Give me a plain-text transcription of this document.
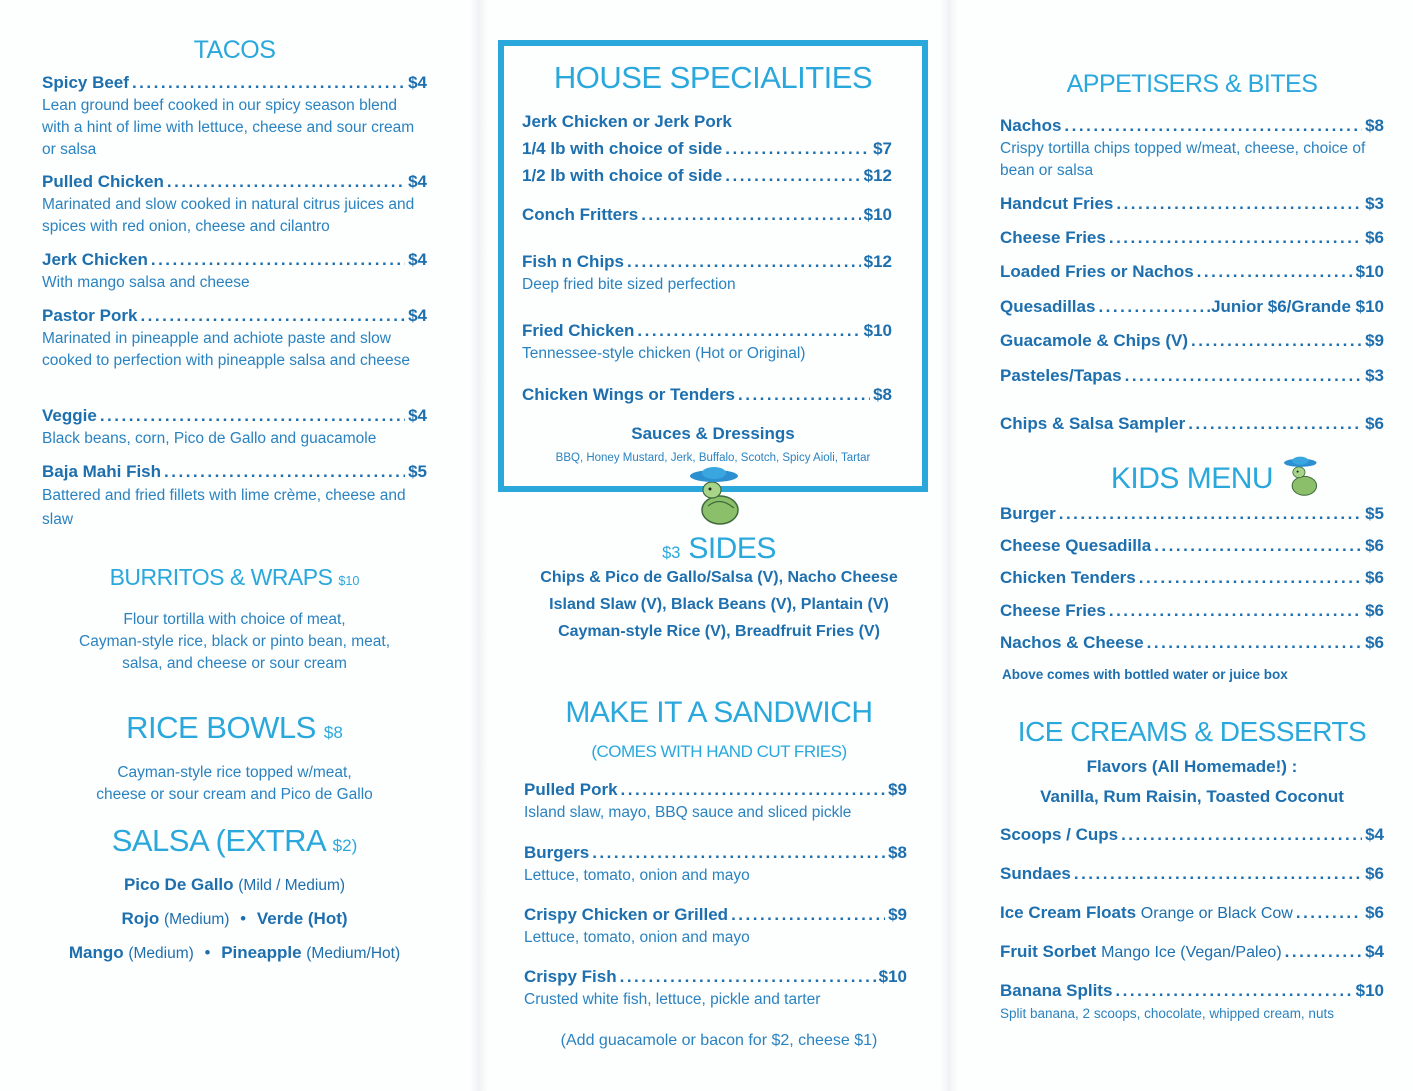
TACOS
Spicy Beef .....	$4
Lean ground beef cooked in our spicy season blend with a hint of lime with lettuce, cheese and sour cream or salsa
Pulled Chicken .....	$4
Marinated and slow cooked in natural citrus juices and spices with red onion, cheese and cilantro
Jerk Chicken .....	$4
With mango salsa and cheese
Pastor Pork .....	$4
Marinated in pineapple and achiote paste and slow cooked to perfection with pineapple salsa and cheese
Veggie .....	$4
Black beans, corn, Pico de Gallo and guacamole
Baja Mahi Fish .....	$5
Battered and fried fillets with lime crème, cheese and slaw
BURRITOS & WRAPS $10
Flour tortilla with choice of meat,
Cayman-style rice, black or pinto bean, meat,
salsa, and cheese or sour cream
RICE BOWLS $8
Cayman-style rice topped w/meat,
cheese or sour cream and Pico de Gallo
SALSA (EXTRA $2)
Pico De Gallo (Mild / Medium)
Rojo (Medium) • Verde (Hot)
Mango (Medium) • Pineapple (Medium/Hot)
HOUSE SPECIALITIES
Jerk Chicken or Jerk Pork
1/4 lb with choice of side .....	$7
1/2 lb with choice of side .....	$12
Conch Fritters .....	$10
Fish n Chips .....	$12
Deep fried bite sized perfection
Fried Chicken .....	$10
Tennessee-style chicken (Hot or Original)
Chicken Wings or Tenders .....	$8
Sauces & Dressings
BBQ, Honey Mustard, Jerk, Buffalo, Scotch, Spicy Aioli, Tartar
$3 SIDES
Chips & Pico de Gallo/Salsa (V), Nacho Cheese
Island Slaw (V), Black Beans (V), Plantain (V)
Cayman-style Rice (V), Breadfruit Fries (V)
MAKE IT A SANDWICH
(COMES WITH HAND CUT FRIES)
Pulled Pork .....	$9
Island slaw, mayo, BBQ sauce and sliced pickle
Burgers .....	$8
Lettuce, tomato, onion and mayo
Crispy Chicken or Grilled .....	$9
Lettuce, tomato, onion and mayo
Crispy Fish .....	$10
Crusted white fish, lettuce, pickle and tarter
(Add guacamole or bacon for $2, cheese $1)
APPETISERS & BITES
Nachos .....	$8
Crispy tortilla chips topped w/meat, cheese, choice of bean or salsa
Handcut Fries .....	$3
Cheese Fries .....	$6
Loaded Fries or Nachos .....	$10
Quesadillas .....	.Junior $6/Grande $10
Guacamole & Chips (V) .....	$9
Pasteles/Tapas .....	$3
Chips & Salsa Sampler .....	$6
KIDS MENU
Burger .....	$5
Cheese Quesadilla .....	$6
Chicken Tenders .....	$6
Cheese Fries .....	$6
Nachos & Cheese .....	$6
Above comes with bottled water or juice box
ICE CREAMS & DESSERTS
Flavors (All Homemade!) :
Vanilla, Rum Raisin, Toasted Coconut
Scoops / Cups .....	$4
Sundaes .....	$6
Ice Cream Floats Orange or Black Cow .....	$6
Fruit Sorbet Mango Ice (Vegan/Paleo) .....	$4
Banana Splits .....	$10
Split banana, 2 scoops, chocolate, whipped cream, nuts
